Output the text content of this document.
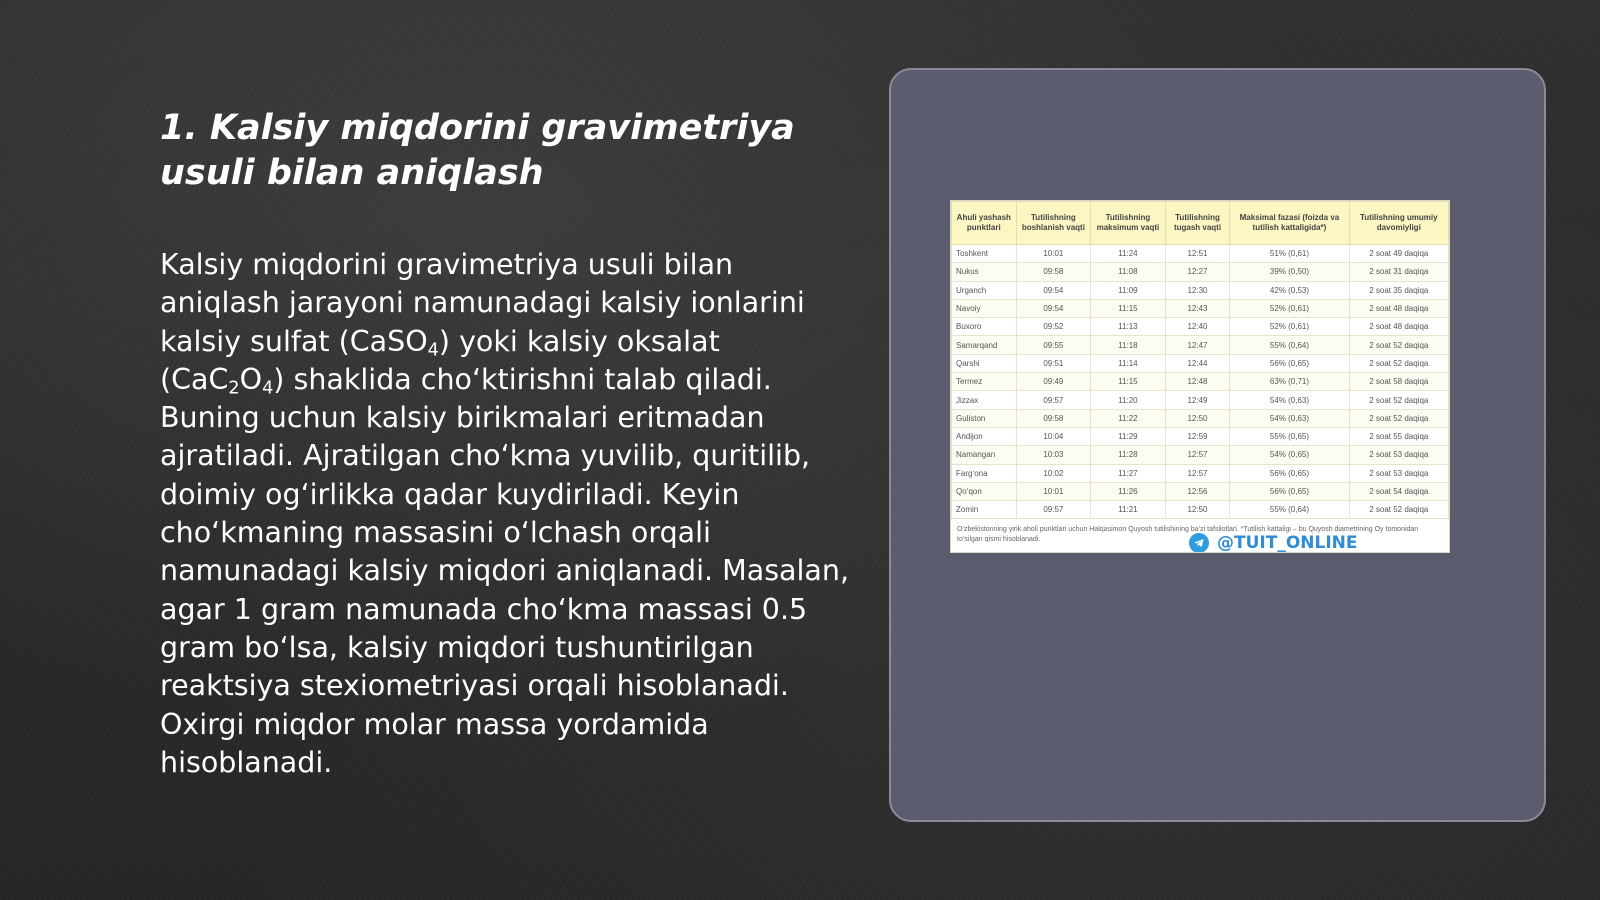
1. Kalsiy miqdorini gravimetriya usuli bilan aniqlash

Kalsiy miqdorini gravimetriya usuli bilan aniqlash jarayoni namunadagi kalsiy ionlarini kalsiy sulfat (CaSO$_4$) yoki kalsiy oksalat $(CaC_2O_4)$ shaklida cho‘ktirishni talab qiladi. Buning uchun kalsiy birikmalari eritmadan ajratiladi. Ajratilgan cho‘kma yuvilib, quritilib, doimiy og‘irlikka qadar kuydiriladi. Keyin cho‘kmaning massasini o‘lchash orqali namunadagi kalsiy miqdori aniqlanadi. Masalan, agar 1 gram namunada cho‘kma massasi 0.5 gram bo‘lsa, kalsiy miqdori tushuntirilgan reaktsiya stexiometriyasi orqali hisoblanadi. Oxirgi miqdor molar massa yordamida hisoblanadi.

Ahuli yashash punktlari	Tutilishning boshlanish vaqti	Tutilishning maksimum vaqti	Tutilishning tugash vaqti	Maksimal fazasi (foizda va tutilish kattaligida*)	Tutilishning umumiy davomiyligi
Toshkent	10:01	11:24	12:51	51% (0,61)	2 soat 49 daqiqa
Nukus	09:58	11:08	12:27	39% (0,50)	2 soat 31 daqiqa
Urganch	09:54	11:09	12:30	42% (0,53)	2 soat 35 daqiqa
Navoiy	09:54	11:15	12:43	52% (0,61)	2 soat 48 daqiqa
Buxoro	09:52	11:13	12:40	52% (0,61)	2 soat 48 daqiqa
Samarqand	09:55	11:18	12:47	55% (0,64)	2 soat 52 daqiqa
Qarshi	09:51	11:14	12:44	56% (0,65)	2 soat 52 daqiqa
Termez	09:49	11:15	12:48	63% (0,71)	2 soat 58 daqiqa
Jizzax	09:57	11:20	12:49	54% (0,63)	2 soat 52 daqiqa
Guliston	09:58	11:22	12:50	54% (0,63)	2 soat 52 daqiqa
Andijon	10:04	11:29	12:59	55% (0,65)	2 soat 55 daqiqa
Namangan	10:03	11:28	12:57	54% (0,65)	2 soat 53 daqiqa
Farg‘ona	10:02	11:27	12:57	56% (0,65)	2 soat 53 daqiqa
Qo‘qon	10:01	11:26	12:56	56% (0,65)	2 soat 54 daqiqa
Zomin	09:57	11:21	12:50	55% (0,64)	2 soat 52 daqiqa
O‘zbekistonning yirik aholi punktlari uchun Halqasimon Quyosh tutilishining ba’zi tafsilotlari. *Tutilish kattaligi – bu Quyosh diametrining Oy tomonidan to‘silgan qismi hisoblanadi.	@TUIT_ONLINE
